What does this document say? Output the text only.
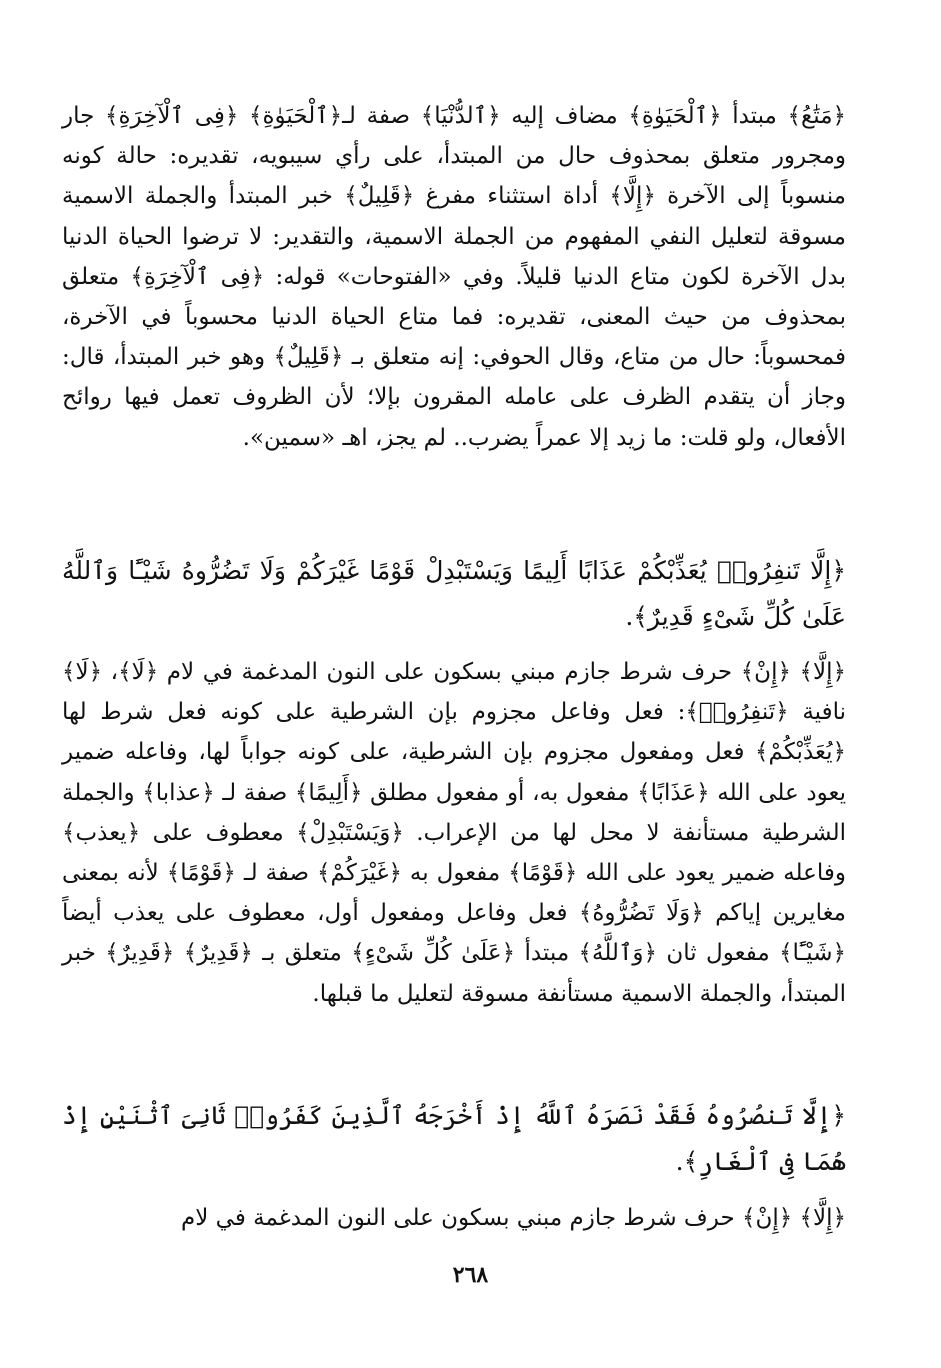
﴿مَتَٰعُ﴾ مبتدأ ﴿ٱلْحَيَوٰةِ﴾ مضاف إليه ﴿ٱلدُّنْيَا﴾ صفة لـ﴿ٱلْحَيَوٰةِ﴾ ﴿فِى ٱلْآخِرَةِ﴾ جار ومجرور متعلق بمحذوف حال من المبتدأ، على رأي سيبويه، تقديره: حالة كونه منسوباً إلى الآخرة ﴿إِلَّا﴾ أداة استثناء مفرغ ﴿قَلِيلٌ﴾ خبر المبتدأ والجملة الاسمية مسوقة لتعليل النفي المفهوم من الجملة الاسمية، والتقدير: لا ترضوا الحياة الدنيا بدل الآخرة لكون متاع الدنيا قليلاً. وفي «الفتوحات» قوله: ﴿فِى ٱلْآخِرَةِ﴾ متعلق بمحذوف من حيث المعنى، تقديره: فما متاع الحياة الدنيا محسوباً في الآخرة، فمحسوباً: حال من متاع، وقال الحوفي: إنه متعلق بـ ﴿قَلِيلٌ﴾ وهو خبر المبتدأ، قال: وجاز أن يتقدم الظرف على عامله المقرون بإلا؛ لأن الظروف تعمل فيها روائح الأفعال، ولو قلت: ما زيد إلا عمراً يضرب.. لم يجز، اهـ «سمين».

﴿إِلَّا تَنفِرُوا۟ يُعَذِّبْكُمْ عَذَابًا أَلِيمًا وَيَسْتَبْدِلْ قَوْمًا غَيْرَكُمْ وَلَا تَضُرُّوهُ شَيْـًٔا وَٱللَّهُ عَلَىٰ كُلِّ شَىْءٍ قَدِيرٌ﴾.

﴿إِلَّا﴾ ﴿إِنْ﴾ حرف شرط جازم مبني بسكون على النون المدغمة في لام ﴿لَا﴾، ﴿لَا﴾ نافية ﴿تَنفِرُوا۟﴾: فعل وفاعل مجزوم بإن الشرطية على كونه فعل شرط لها ﴿يُعَذِّبْكُمْ﴾ فعل ومفعول مجزوم بإن الشرطية، على كونه جواباً لها، وفاعله ضمير يعود على الله ﴿عَذَابًا﴾ مفعول به، أو مفعول مطلق ﴿أَلِيمًا﴾ صفة لـ ﴿عذابا﴾ والجملة الشرطية مستأنفة لا محل لها من الإعراب. ﴿وَيَسْتَبْدِلْ﴾ معطوف على ﴿يعذب﴾ وفاعله ضمير يعود على الله ﴿قَوْمًا﴾ مفعول به ﴿غَيْرَكُمْ﴾ صفة لـ ﴿قَوْمًا﴾ لأنه بمعنى مغايرين إياكم ﴿وَلَا تَضُرُّوهُ﴾ فعل وفاعل ومفعول أول، معطوف على يعذب أيضاً ﴿شَيْـًٔا﴾ مفعول ثان ﴿وَٱللَّهُ﴾ مبتدأ ﴿عَلَىٰ كُلِّ شَىْءٍ﴾ متعلق بـ ﴿قَدِيرٌ﴾ ﴿قَدِيرٌ﴾ خبر المبتدأ، والجملة الاسمية مستأنفة مسوقة لتعليل ما قبلها.

﴿إِلَّا تَنصُرُوهُ فَقَدْ نَصَرَهُ ٱللَّهُ إِذْ أَخْرَجَهُ ٱلَّذِينَ كَفَرُوا۟ ثَانِىَ ٱثْنَيْنِ إِذْ هُمَا فِى ٱلْغَارِ﴾.

﴿إِلَّا﴾ ﴿إِنْ﴾ حرف شرط جازم مبني بسكون على النون المدغمة في لام

٢٦٨
